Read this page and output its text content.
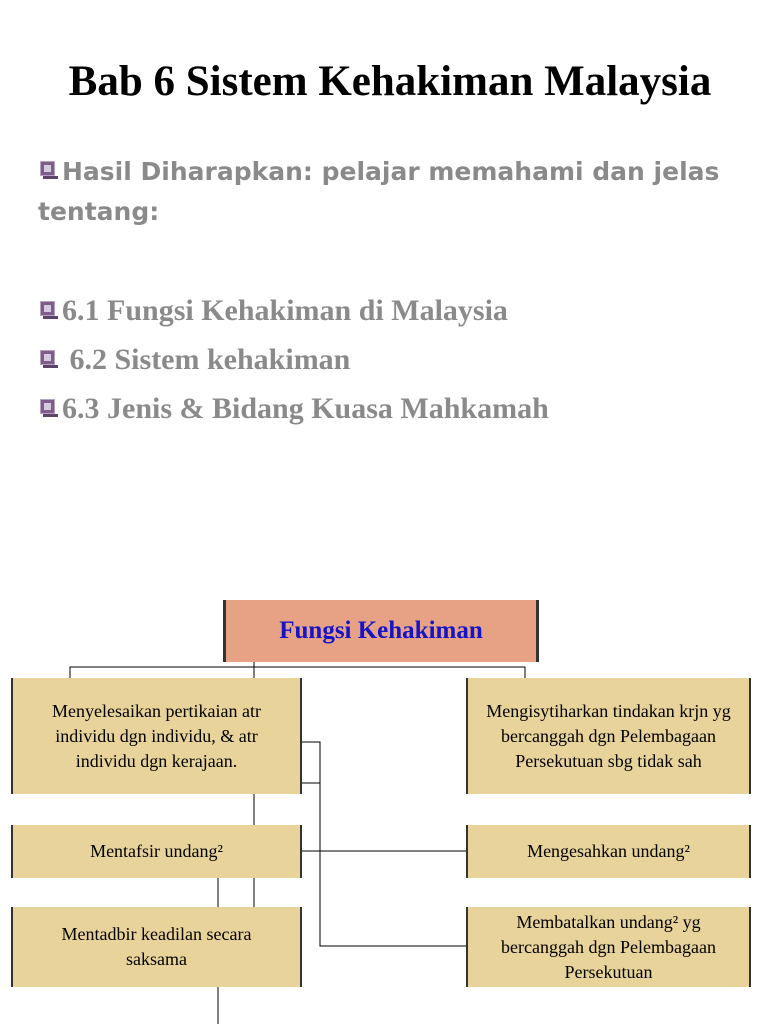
Bab 6 Sistem Kehakiman Malaysia
Hasil Diharapkan: pelajar memahami dan jelas tentang:
6.1 Fungsi Kehakiman di Malaysia
6.2 Sistem kehakiman
6.3 Jenis & Bidang Kuasa Mahkamah
Fungsi Kehakiman
Menyelesaikan pertikaian atr individu dgn individu, & atr individu dgn kerajaan.
Mentafsir undang²
Mentadbir keadilan secara saksama
Mengisytiharkan tindakan krjn yg bercanggah dgn Pelembagaan Persekutuan sbg tidak sah
Mengesahkan undang²
Membatalkan undang² yg bercanggah dgn Pelembagaan Persekutuan
